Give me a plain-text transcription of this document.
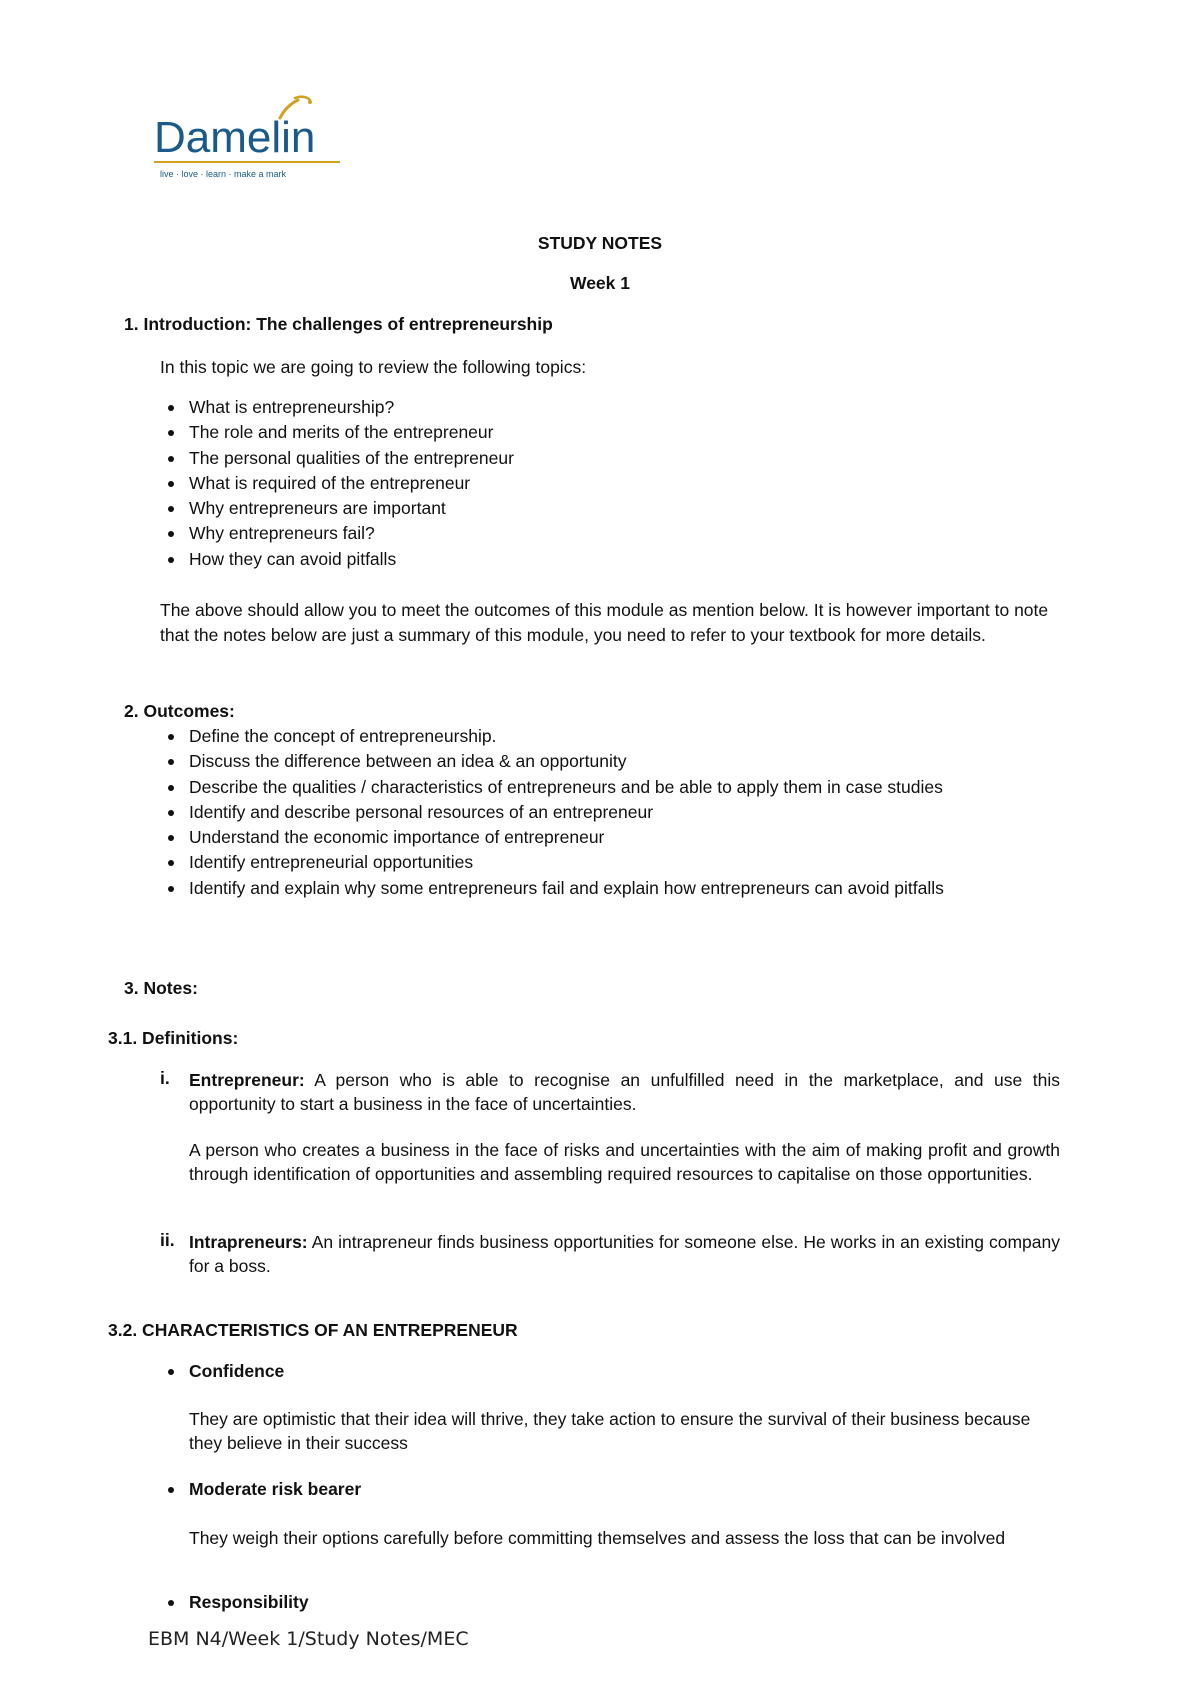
Damelin
live · love · learn · make a mark
STUDY NOTES
Week 1
1. Introduction: The challenges of entrepreneurship
In this topic we are going to review the following topics:
What is entrepreneurship?
The role and merits of the entrepreneur
The personal qualities of the entrepreneur
What is required of the entrepreneur
Why entrepreneurs are important
Why entrepreneurs fail?
How they can avoid pitfalls
The above should allow you to meet the outcomes of this module as mention below. It is however important to note that the notes below are just a summary of this module, you need to refer to your textbook for more details.
2. Outcomes:
Define the concept of entrepreneurship.
Discuss the difference between an idea & an opportunity
Describe the qualities / characteristics of entrepreneurs and be able to apply them in case studies
Identify and describe personal resources of an entrepreneur
Understand the economic importance of entrepreneur
Identify entrepreneurial opportunities
Identify and explain why some entrepreneurs fail and explain how entrepreneurs can avoid pitfalls
3. Notes:
3.1. Definitions:
i. Entrepreneur: A person who is able to recognise an unfulfilled need in the marketplace, and use this opportunity to start a business in the face of uncertainties.
A person who creates a business in the face of risks and uncertainties with the aim of making profit and growth through identification of opportunities and assembling required resources to capitalise on those opportunities.
ii. Intrapreneurs: An intrapreneur finds business opportunities for someone else. He works in an existing company for a boss.
3.2. CHARACTERISTICS OF AN ENTREPRENEUR
Confidence
They are optimistic that their idea will thrive, they take action to ensure the survival of their business because they believe in their success
Moderate risk bearer
They weigh their options carefully before committing themselves and assess the loss that can be involved
Responsibility
EBM N4/Week 1/Study Notes/MEC
